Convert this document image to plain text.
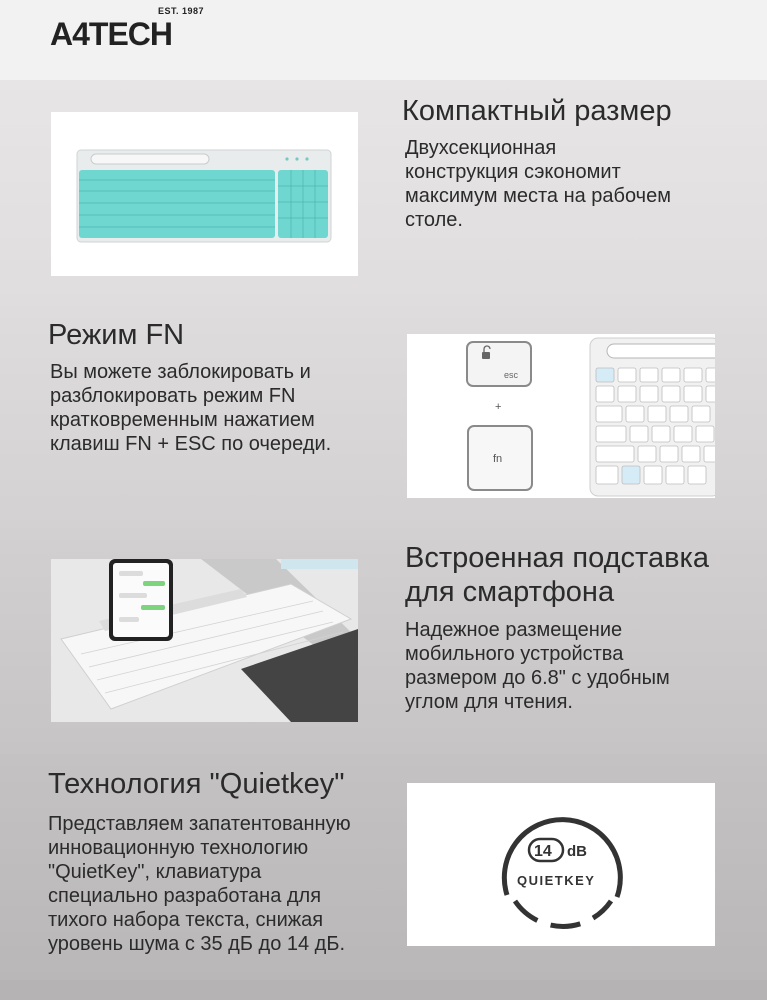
A4TECH
EST. 1987
Компактный размер
Двухсекционная
конструкция сэкономит
максимум места на рабочем
столе.
Режим FN
Вы можете заблокировать и
разблокировать режим FN
кратковременным нажатием
клавиш FN + ESC по очереди.
esc
+
fn
Встроенная подставка
для смартфона
Надежное размещение
мобильного устройства
размером до 6.8" с удобным
углом для чтения.
Технология "Quietkey"
Представляем запатентованную
инновационную технологию
"QuietKey", клавиатура
специально разработана для
тихого набора текста, снижая
уровень шума с 35 дБ до 14 дБ.
14 dB
QUIETKEY
